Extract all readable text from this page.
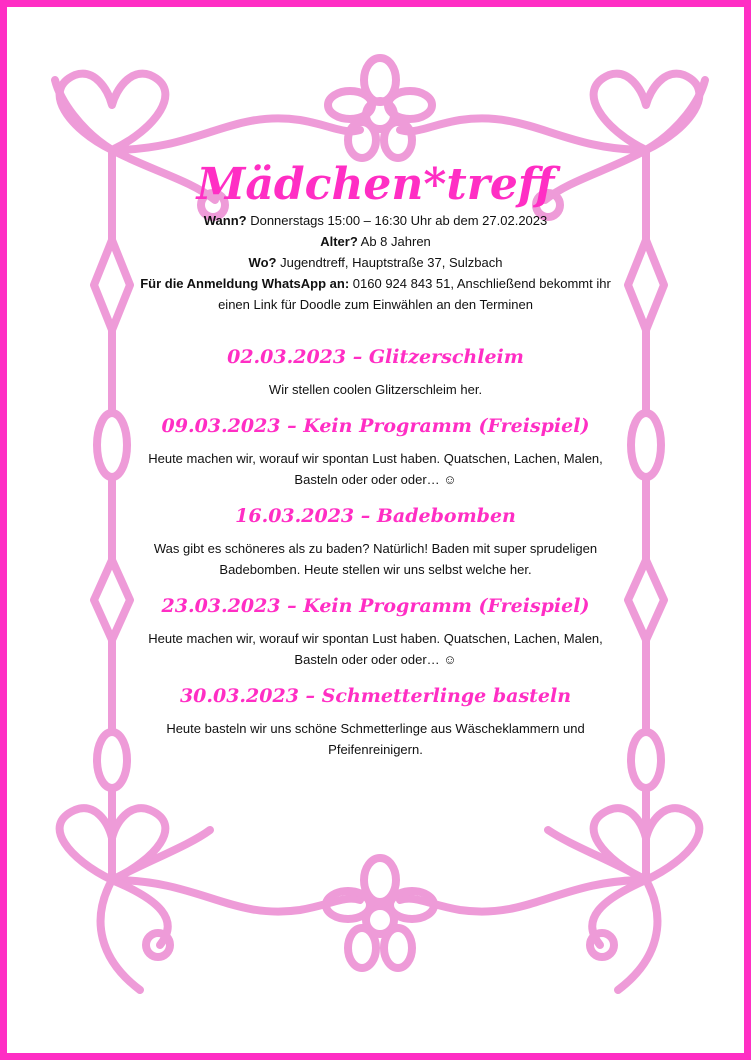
Mädchen*treff
Wann? Donnerstags 15:00 – 16:30 Uhr ab dem 27.02.2023
Alter? Ab 8 Jahren
Wo? Jugendtreff, Hauptstraße 37, Sulzbach
Für die Anmeldung WhatsApp an: 0160 924 843 51, Anschließend bekommt ihr
einen Link für Doodle zum Einwählen an den Terminen
02.03.2023 – Glitzerschleim
Wir stellen coolen Glitzerschleim her.
09.03.2023 – Kein Programm (Freispiel)
Heute machen wir, worauf wir spontan Lust haben. Quatschen, Lachen, Malen,
Basteln oder oder oder… ☺
16.03.2023 – Badebomben
Was gibt es schöneres als zu baden? Natürlich! Baden mit super sprudeligen
Badebomben. Heute stellen wir uns selbst welche her.
23.03.2023 – Kein Programm (Freispiel)
Heute machen wir, worauf wir spontan Lust haben. Quatschen, Lachen, Malen,
Basteln oder oder oder… ☺
30.03.2023 – Schmetterlinge basteln
Heute basteln wir uns schöne Schmetterlinge aus Wäscheklammern und
Pfeifenreinigern.
